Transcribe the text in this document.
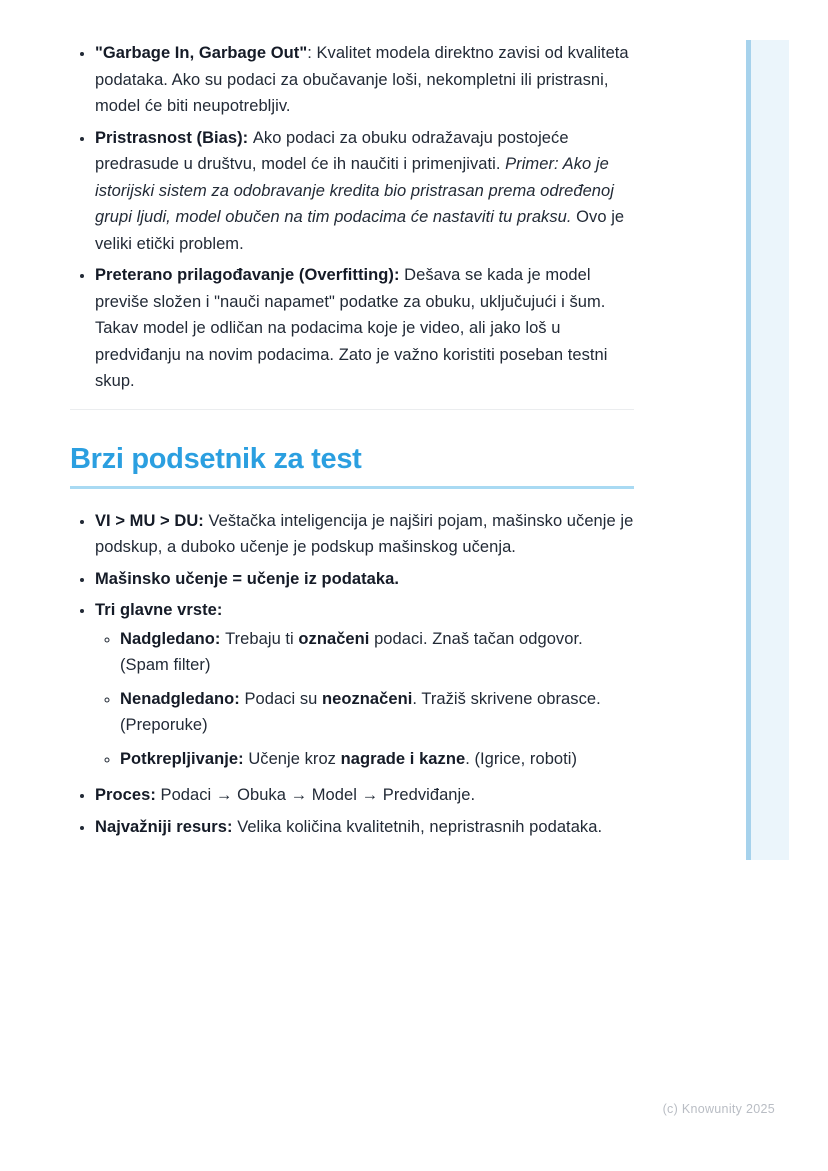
• "Garbage In, Garbage Out": Kvalitet modela direktno zavisi od kvaliteta podataka. Ako su podaci za obučavanje loši, nekompletni ili pristrasni, model će biti neupotrebljiv.
• Pristrasnost (Bias): Ako podaci za obuku odražavaju postojeće predrasude u društvu, model će ih naučiti i primenjivati. Primer: Ako je istorijski sistem za odobravanje kredita bio pristrasan prema određenoj grupi ljudi, model obučen na tim podacima će nastaviti tu praksu. Ovo je veliki etički problem.
• Preterano prilagođavanje (Overfitting): Dešava se kada je model previše složen i "nauči napamet" podatke za obuku, uključujući i šum. Takav model je odličan na podacima koje je video, ali jako loš u predviđanju na novim podacima. Zato je važno koristiti poseban testni skup.
Brzi podsetnik za test
• VI > MU > DU: Veštačka inteligencija je najširi pojam, mašinsko učenje je podskup, a duboko učenje je podskup mašinskog učenja.
• Mašinsko učenje = učenje iz podataka.
• Tri glavne vrste:
◦ Nadgledano: Trebaju ti označeni podaci. Znaš tačan odgovor. (Spam filter)
◦ Nenadgledano: Podaci su neoznačeni. Tražiš skrivene obrasce. (Preporuke)
◦ Potkrepljivanje: Učenje kroz nagrade i kazne. (Igrice, roboti)
• Proces: Podaci → Obuka → Model → Predviđanje.
• Najvažniji resurs: Velika količina kvalitetnih, nepristrasnih podataka.
(c) Knowunity 2025
